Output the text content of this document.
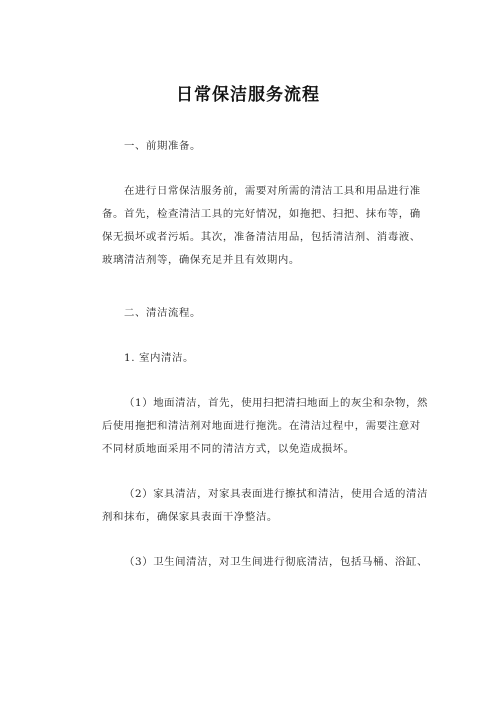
日常保洁服务流程

一、前期准备。

在进行日常保洁服务前，需要对所需的清洁工具和用品进行准
备。首先，检查清洁工具的完好情况，如拖把、扫把、抹布等，确
保无损坏或者污垢。其次，准备清洁用品，包括清洁剂、消毒液、
玻璃清洁剂等，确保充足并且有效期内。

二、清洁流程。

1. 室内清洁。

（1）地面清洁，首先，使用扫把清扫地面上的灰尘和杂物，然
后使用拖把和清洁剂对地面进行拖洗。在清洁过程中，需要注意对
不同材质地面采用不同的清洁方式，以免造成损坏。

（2）家具清洁，对家具表面进行擦拭和清洁，使用合适的清洁
剂和抹布，确保家具表面干净整洁。

（3）卫生间清洁，对卫生间进行彻底清洁，包括马桶、浴缸、
